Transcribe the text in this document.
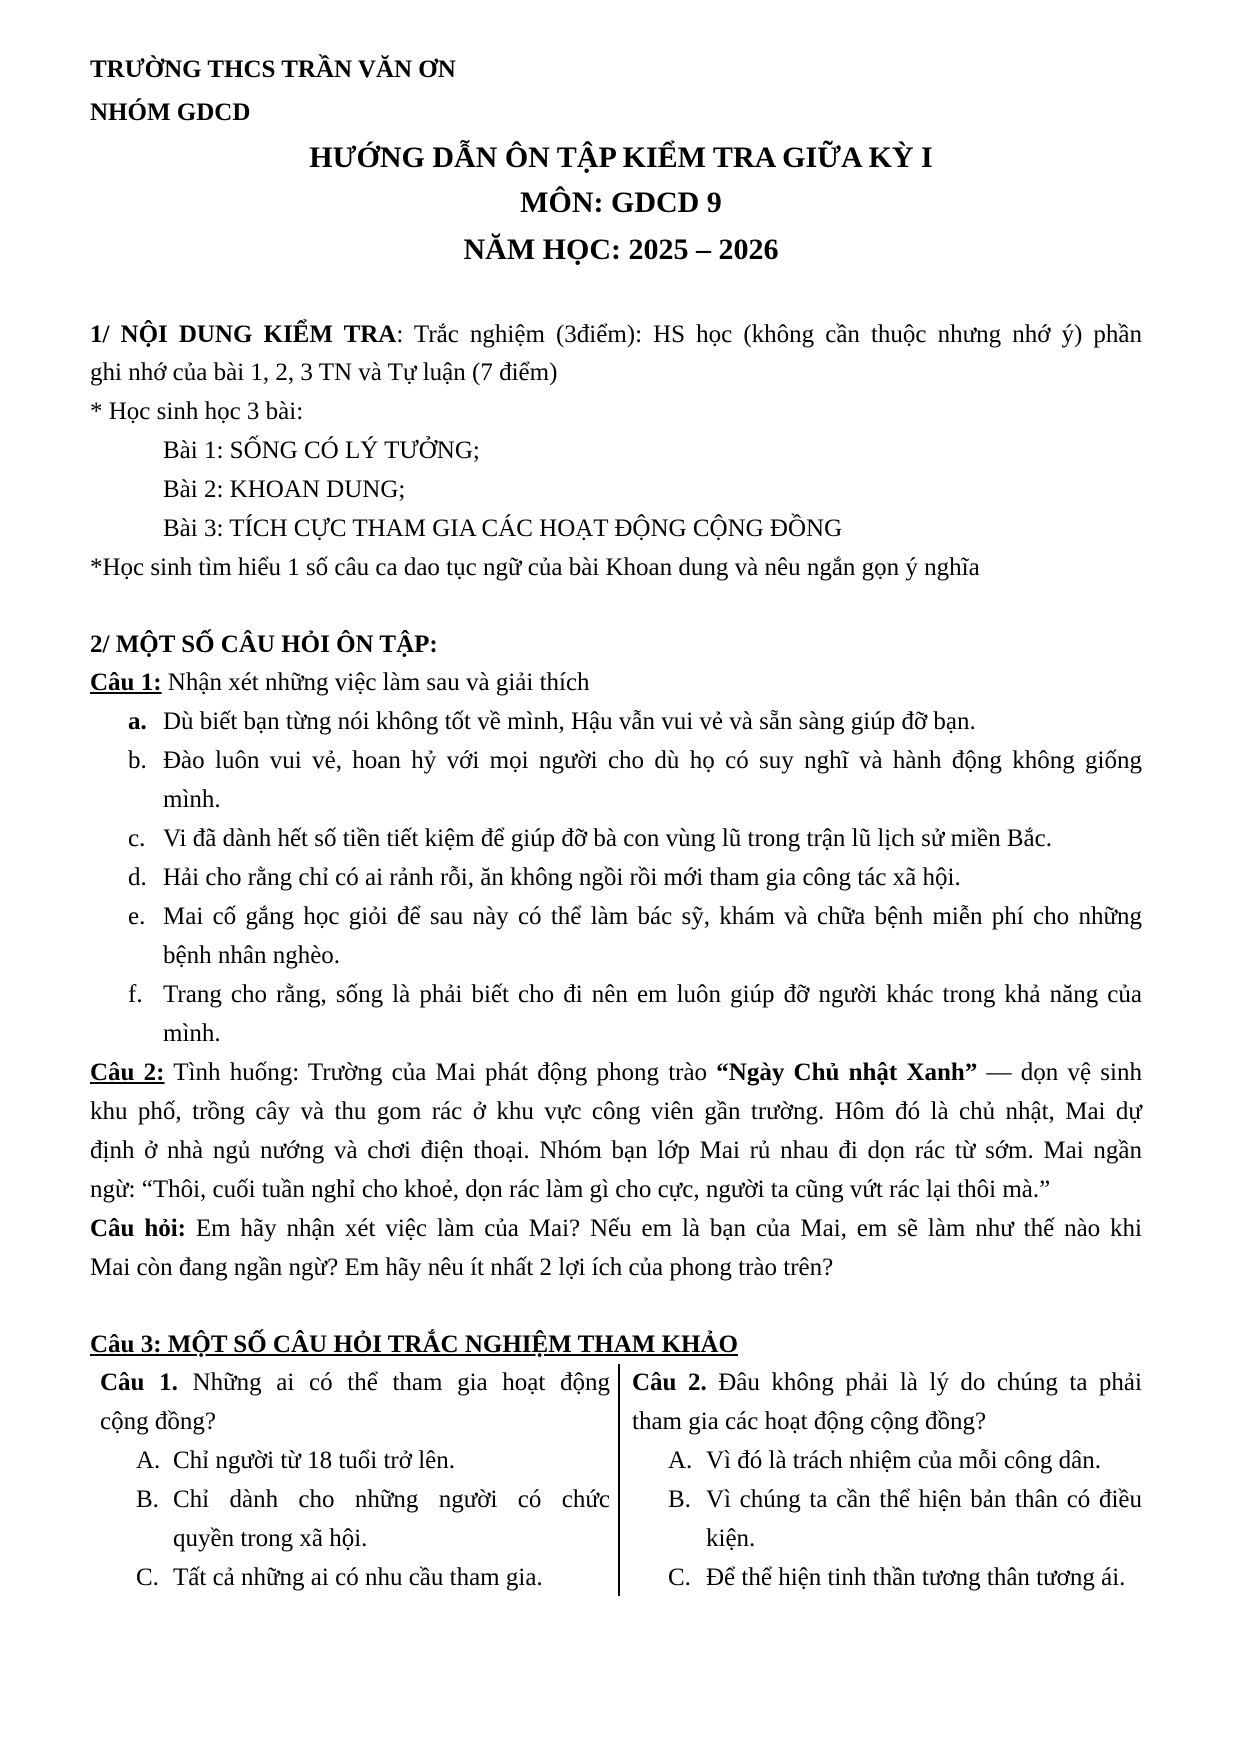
TRƯỜNG THCS TRẦN VĂN ƠN
NHÓM GDCD
HƯỚNG DẪN ÔN TẬP KIỂM TRA GIỮA KỲ I
MÔN: GDCD 9
NĂM HỌC: 2025 – 2026
1/ NỘI DUNG KIỂM TRA: Trắc nghiệm (3điểm): HS học (không cần thuộc nhưng nhớ ý) phần
ghi nhớ của bài 1, 2, 3 TN và Tự luận (7 điểm)
* Học sinh học 3 bài:
Bài 1: SỐNG CÓ LÝ TƯỞNG;
Bài 2: KHOAN DUNG;
Bài 3: TÍCH CỰC THAM GIA CÁC HOẠT ĐỘNG CỘNG ĐỒNG
*Học sinh tìm hiểu 1 số câu ca dao tục ngữ của bài Khoan dung và nêu ngắn gọn ý nghĩa
2/ MỘT SỐ CÂU HỎI ÔN TẬP:
Câu 1: Nhận xét những việc làm sau và giải thích
a. Dù biết bạn từng nói không tốt về mình, Hậu vẫn vui vẻ và sẵn sàng giúp đỡ bạn.
b. Đào luôn vui vẻ, hoan hỷ với mọi người cho dù họ có suy nghĩ và hành động không giống
mình.
c. Vi đã dành hết số tiền tiết kiệm để giúp đỡ bà con vùng lũ trong trận lũ lịch sử miền Bắc.
d. Hải cho rằng chỉ có ai rảnh rỗi, ăn không ngồi rồi mới tham gia công tác xã hội.
e. Mai cố gắng học giỏi để sau này có thể làm bác sỹ, khám và chữa bệnh miễn phí cho những
bệnh nhân nghèo.
f. Trang cho rằng, sống là phải biết cho đi nên em luôn giúp đỡ người khác trong khả năng của
mình.
Câu 2: Tình huống: Trường của Mai phát động phong trào “Ngày Chủ nhật Xanh” — dọn vệ sinh
khu phố, trồng cây và thu gom rác ở khu vực công viên gần trường. Hôm đó là chủ nhật, Mai dự
định ở nhà ngủ nướng và chơi điện thoại. Nhóm bạn lớp Mai rủ nhau đi dọn rác từ sớm. Mai ngần
ngừ: “Thôi, cuối tuần nghỉ cho khoẻ, dọn rác làm gì cho cực, người ta cũng vứt rác lại thôi mà.”
Câu hỏi: Em hãy nhận xét việc làm của Mai? Nếu em là bạn của Mai, em sẽ làm như thế nào khi
Mai còn đang ngần ngừ? Em hãy nêu ít nhất 2 lợi ích của phong trào trên?
Câu 3: MỘT SỐ CÂU HỎI TRẮC NGHIỆM THAM KHẢO
Câu 1. Những ai có thể tham gia hoạt động
cộng đồng?
A. Chỉ người từ 18 tuổi trở lên.
B. Chỉ dành cho những người có chức
quyền trong xã hội.
C. Tất cả những ai có nhu cầu tham gia.
Câu 2. Đâu không phải là lý do chúng ta phải
tham gia các hoạt động cộng đồng?
A. Vì đó là trách nhiệm của mỗi công dân.
B. Vì chúng ta cần thể hiện bản thân có điều
kiện.
C. Để thể hiện tinh thần tương thân tương ái.
